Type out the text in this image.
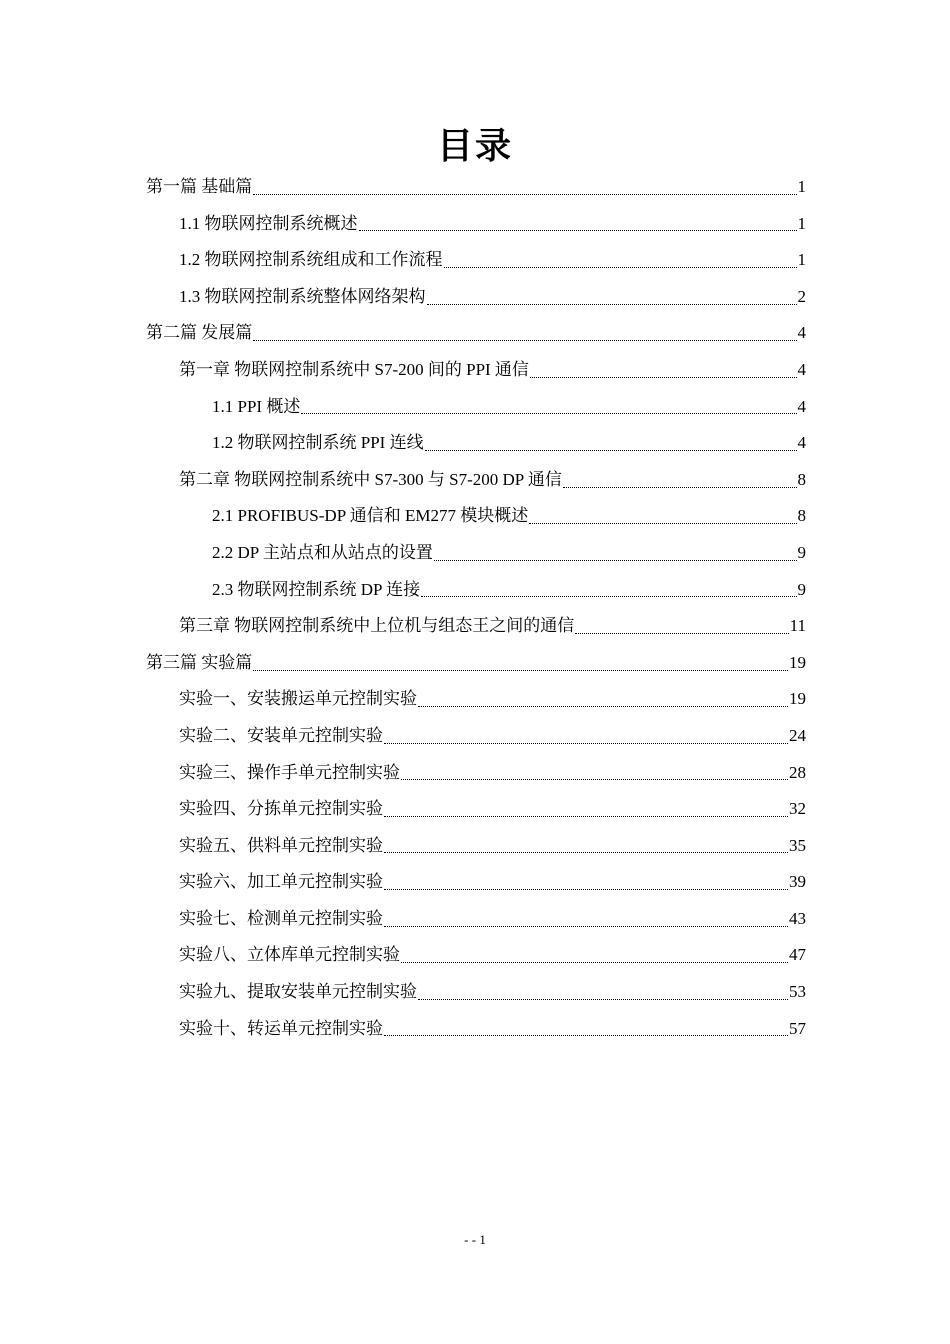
目录
第一篇 基础篇	1
1.1 物联网控制系统概述	1
1.2 物联网控制系统组成和工作流程	1
1.3 物联网控制系统整体网络架构	2
第二篇 发展篇	4
第一章 物联网控制系统中 S7-200 间的 PPI 通信	4
1.1 PPI 概述	4
1.2 物联网控制系统 PPI 连线	4
第二章 物联网控制系统中 S7-300 与 S7-200 DP 通信	8
2.1 PROFIBUS-DP 通信和 EM277 模块概述	8
2.2 DP 主站点和从站点的设置	9
2.3 物联网控制系统 DP 连接	9
第三章 物联网控制系统中上位机与组态王之间的通信	11
第三篇 实验篇	19
实验一、安装搬运单元控制实验	19
实验二、安装单元控制实验	24
实验三、操作手单元控制实验	28
实验四、分拣单元控制实验	32
实验五、供料单元控制实验	35
实验六、加工单元控制实验	39
实验七、检测单元控制实验	43
实验八、立体库单元控制实验	47
实验九、提取安装单元控制实验	53
实验十、转运单元控制实验	57
- - 1
